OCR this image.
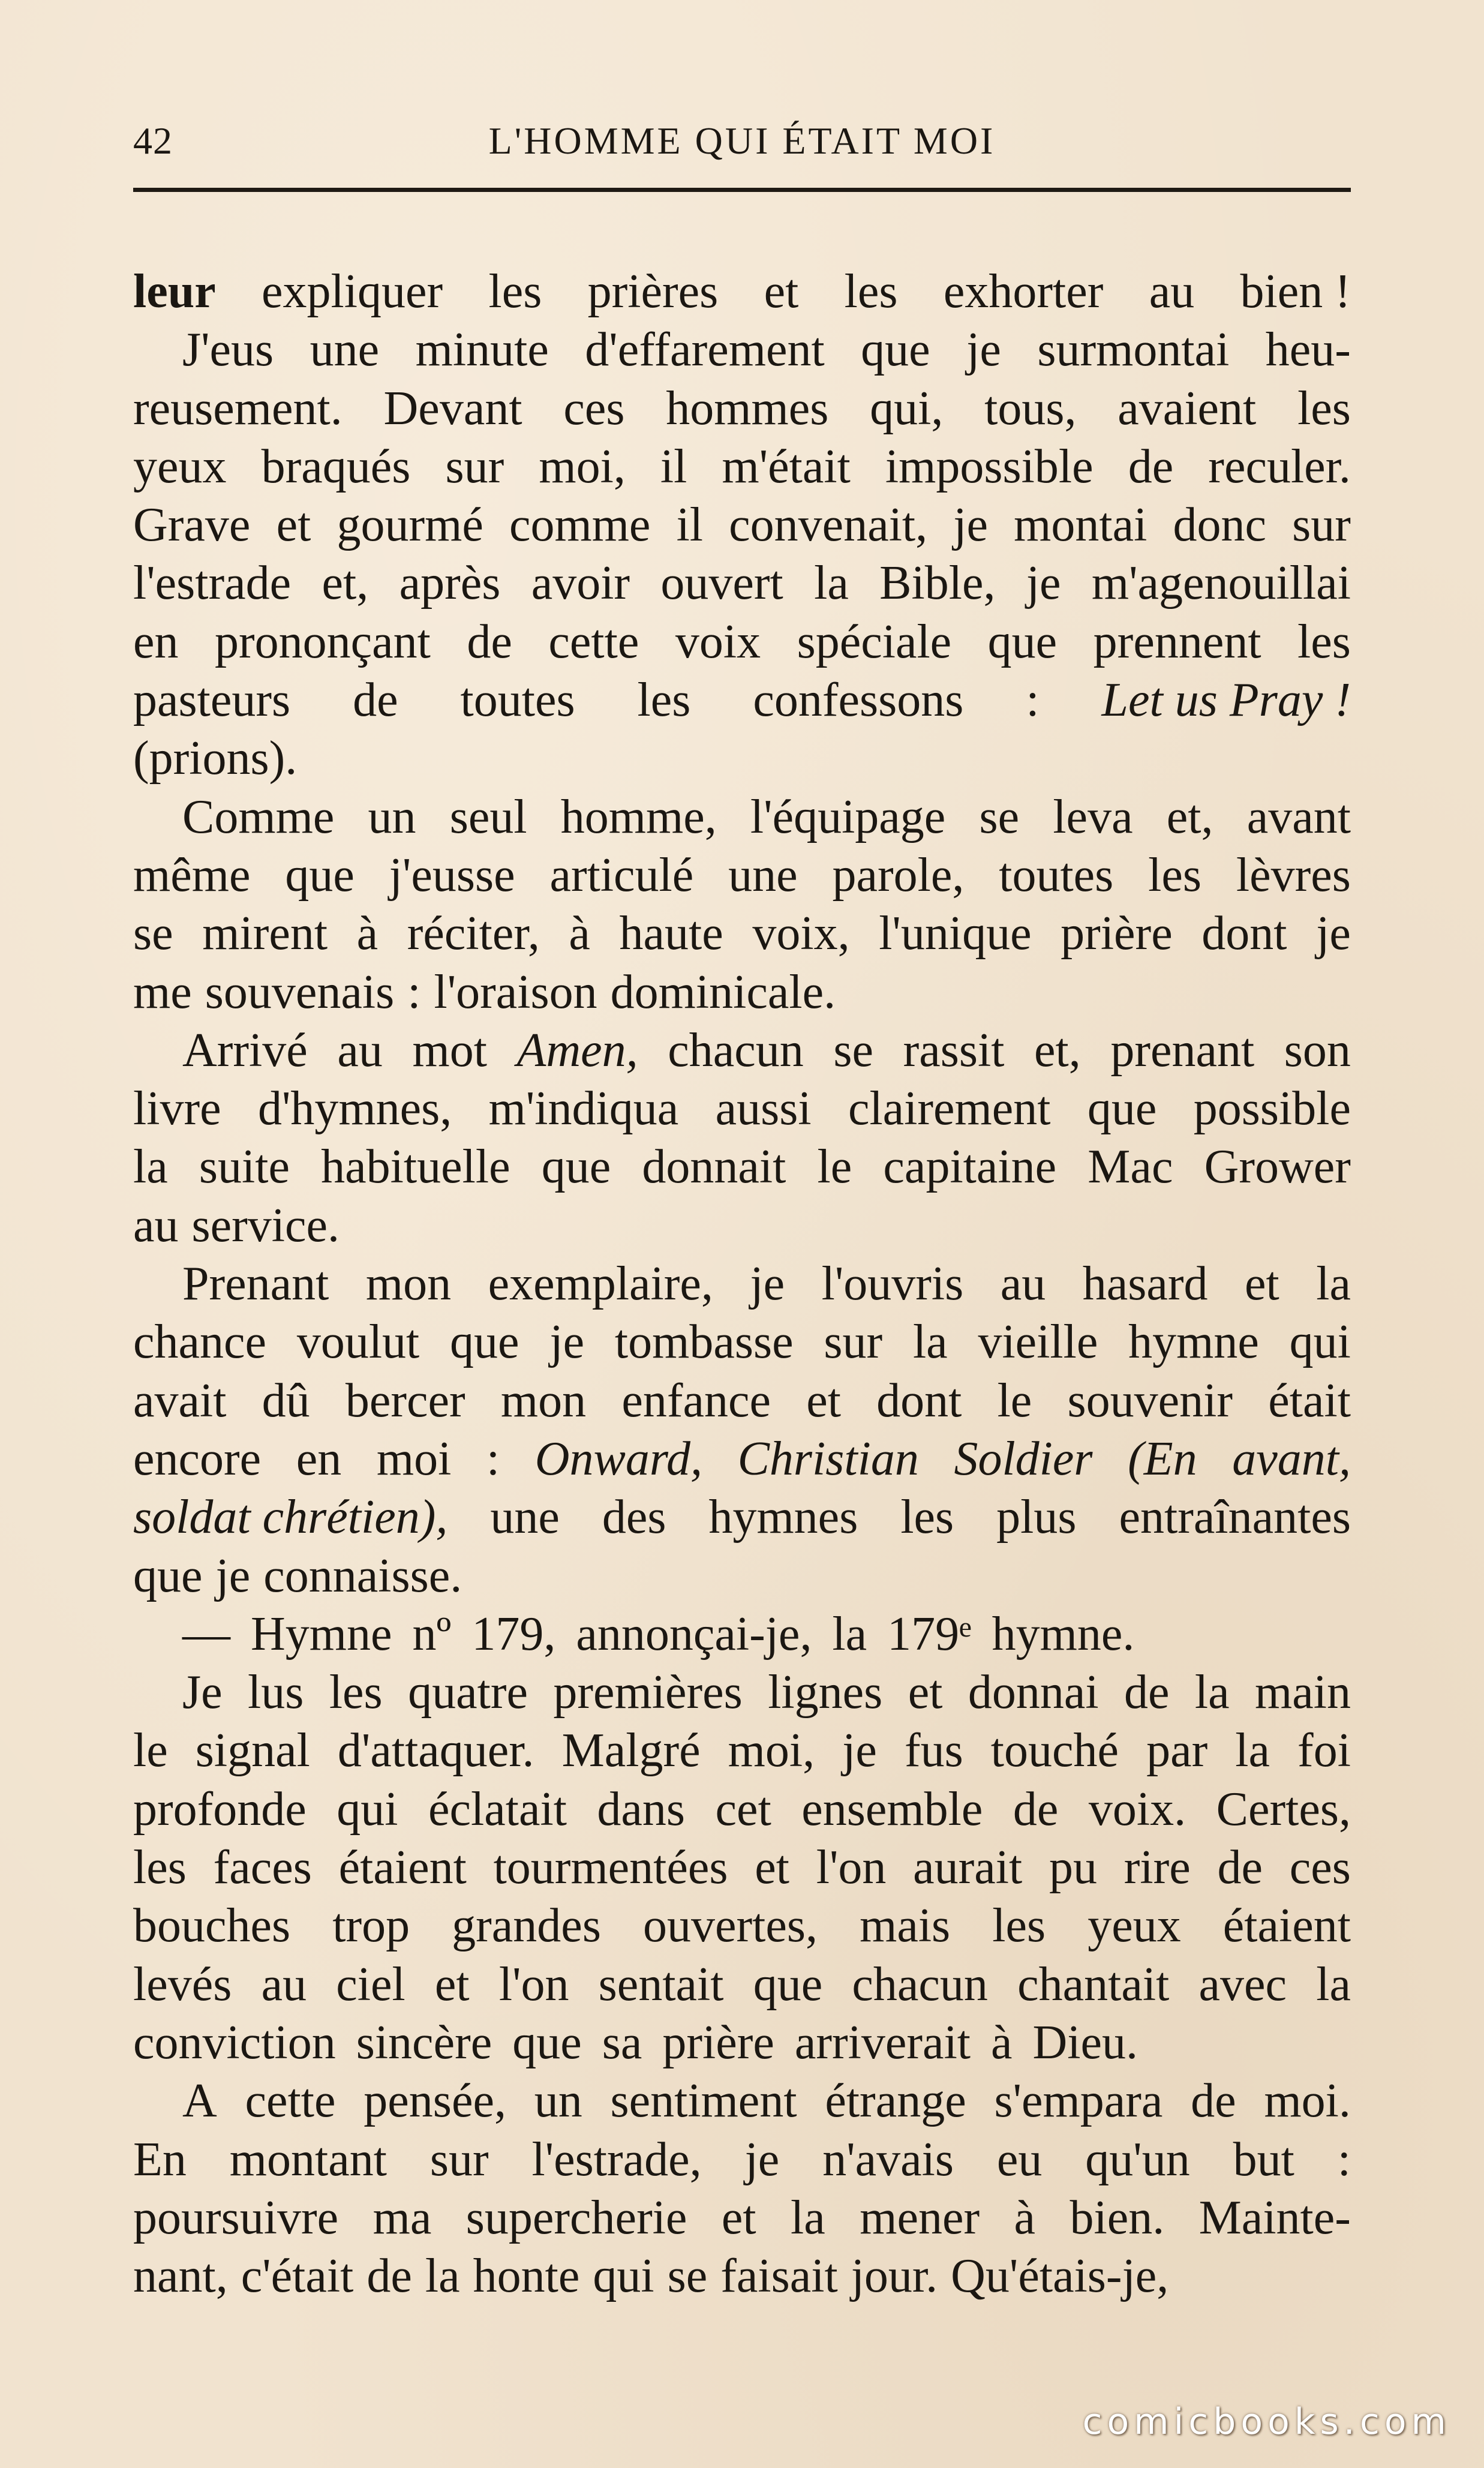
42	L'HOMME QUI ÉTAIT MOI
leur expliquer les prières et les exhorter au bien !
J'eus une minute d'effarement que je surmontai heu-
reusement. Devant ces hommes qui, tous, avaient les
yeux braqués sur moi, il m'était impossible de reculer.
Grave et gourmé comme il convenait, je montai donc sur
l'estrade et, après avoir ouvert la Bible, je m'agenouillai
en prononçant de cette voix spéciale que prennent les
pasteurs de toutes les confessons : Let us Pray !
(prions).
Comme un seul homme, l'équipage se leva et, avant
même que j'eusse articulé une parole, toutes les lèvres
se mirent à réciter, à haute voix, l'unique prière dont je
me souvenais : l'oraison dominicale.
Arrivé au mot Amen, chacun se rassit et, prenant son
livre d'hymnes, m'indiqua aussi clairement que possible
la suite habituelle que donnait le capitaine Mac Grower
au service.
Prenant mon exemplaire, je l'ouvris au hasard et la
chance voulut que je tombasse sur la vieille hymne qui
avait dû bercer mon enfance et dont le souvenir était
encore en moi : Onward, Christian Soldier (En avant,
soldat chrétien), une des hymnes les plus entraînantes
que je connaisse.
— Hymne nº 179, annonçai-je, la 179ᵉ hymne.
Je lus les quatre premières lignes et donnai de la main
le signal d'attaquer. Malgré moi, je fus touché par la foi
profonde qui éclatait dans cet ensemble de voix. Certes,
les faces étaient tourmentées et l'on aurait pu rire de ces
bouches trop grandes ouvertes, mais les yeux étaient
levés au ciel et l'on sentait que chacun chantait avec la
conviction sincère que sa prière arriverait à Dieu.
A cette pensée, un sentiment étrange s'empara de moi.
En montant sur l'estrade, je n'avais eu qu'un but :
poursuivre ma supercherie et la mener à bien. Mainte-
nant, c'était de la honte qui se faisait jour. Qu'étais-je,
comicbooks.com
